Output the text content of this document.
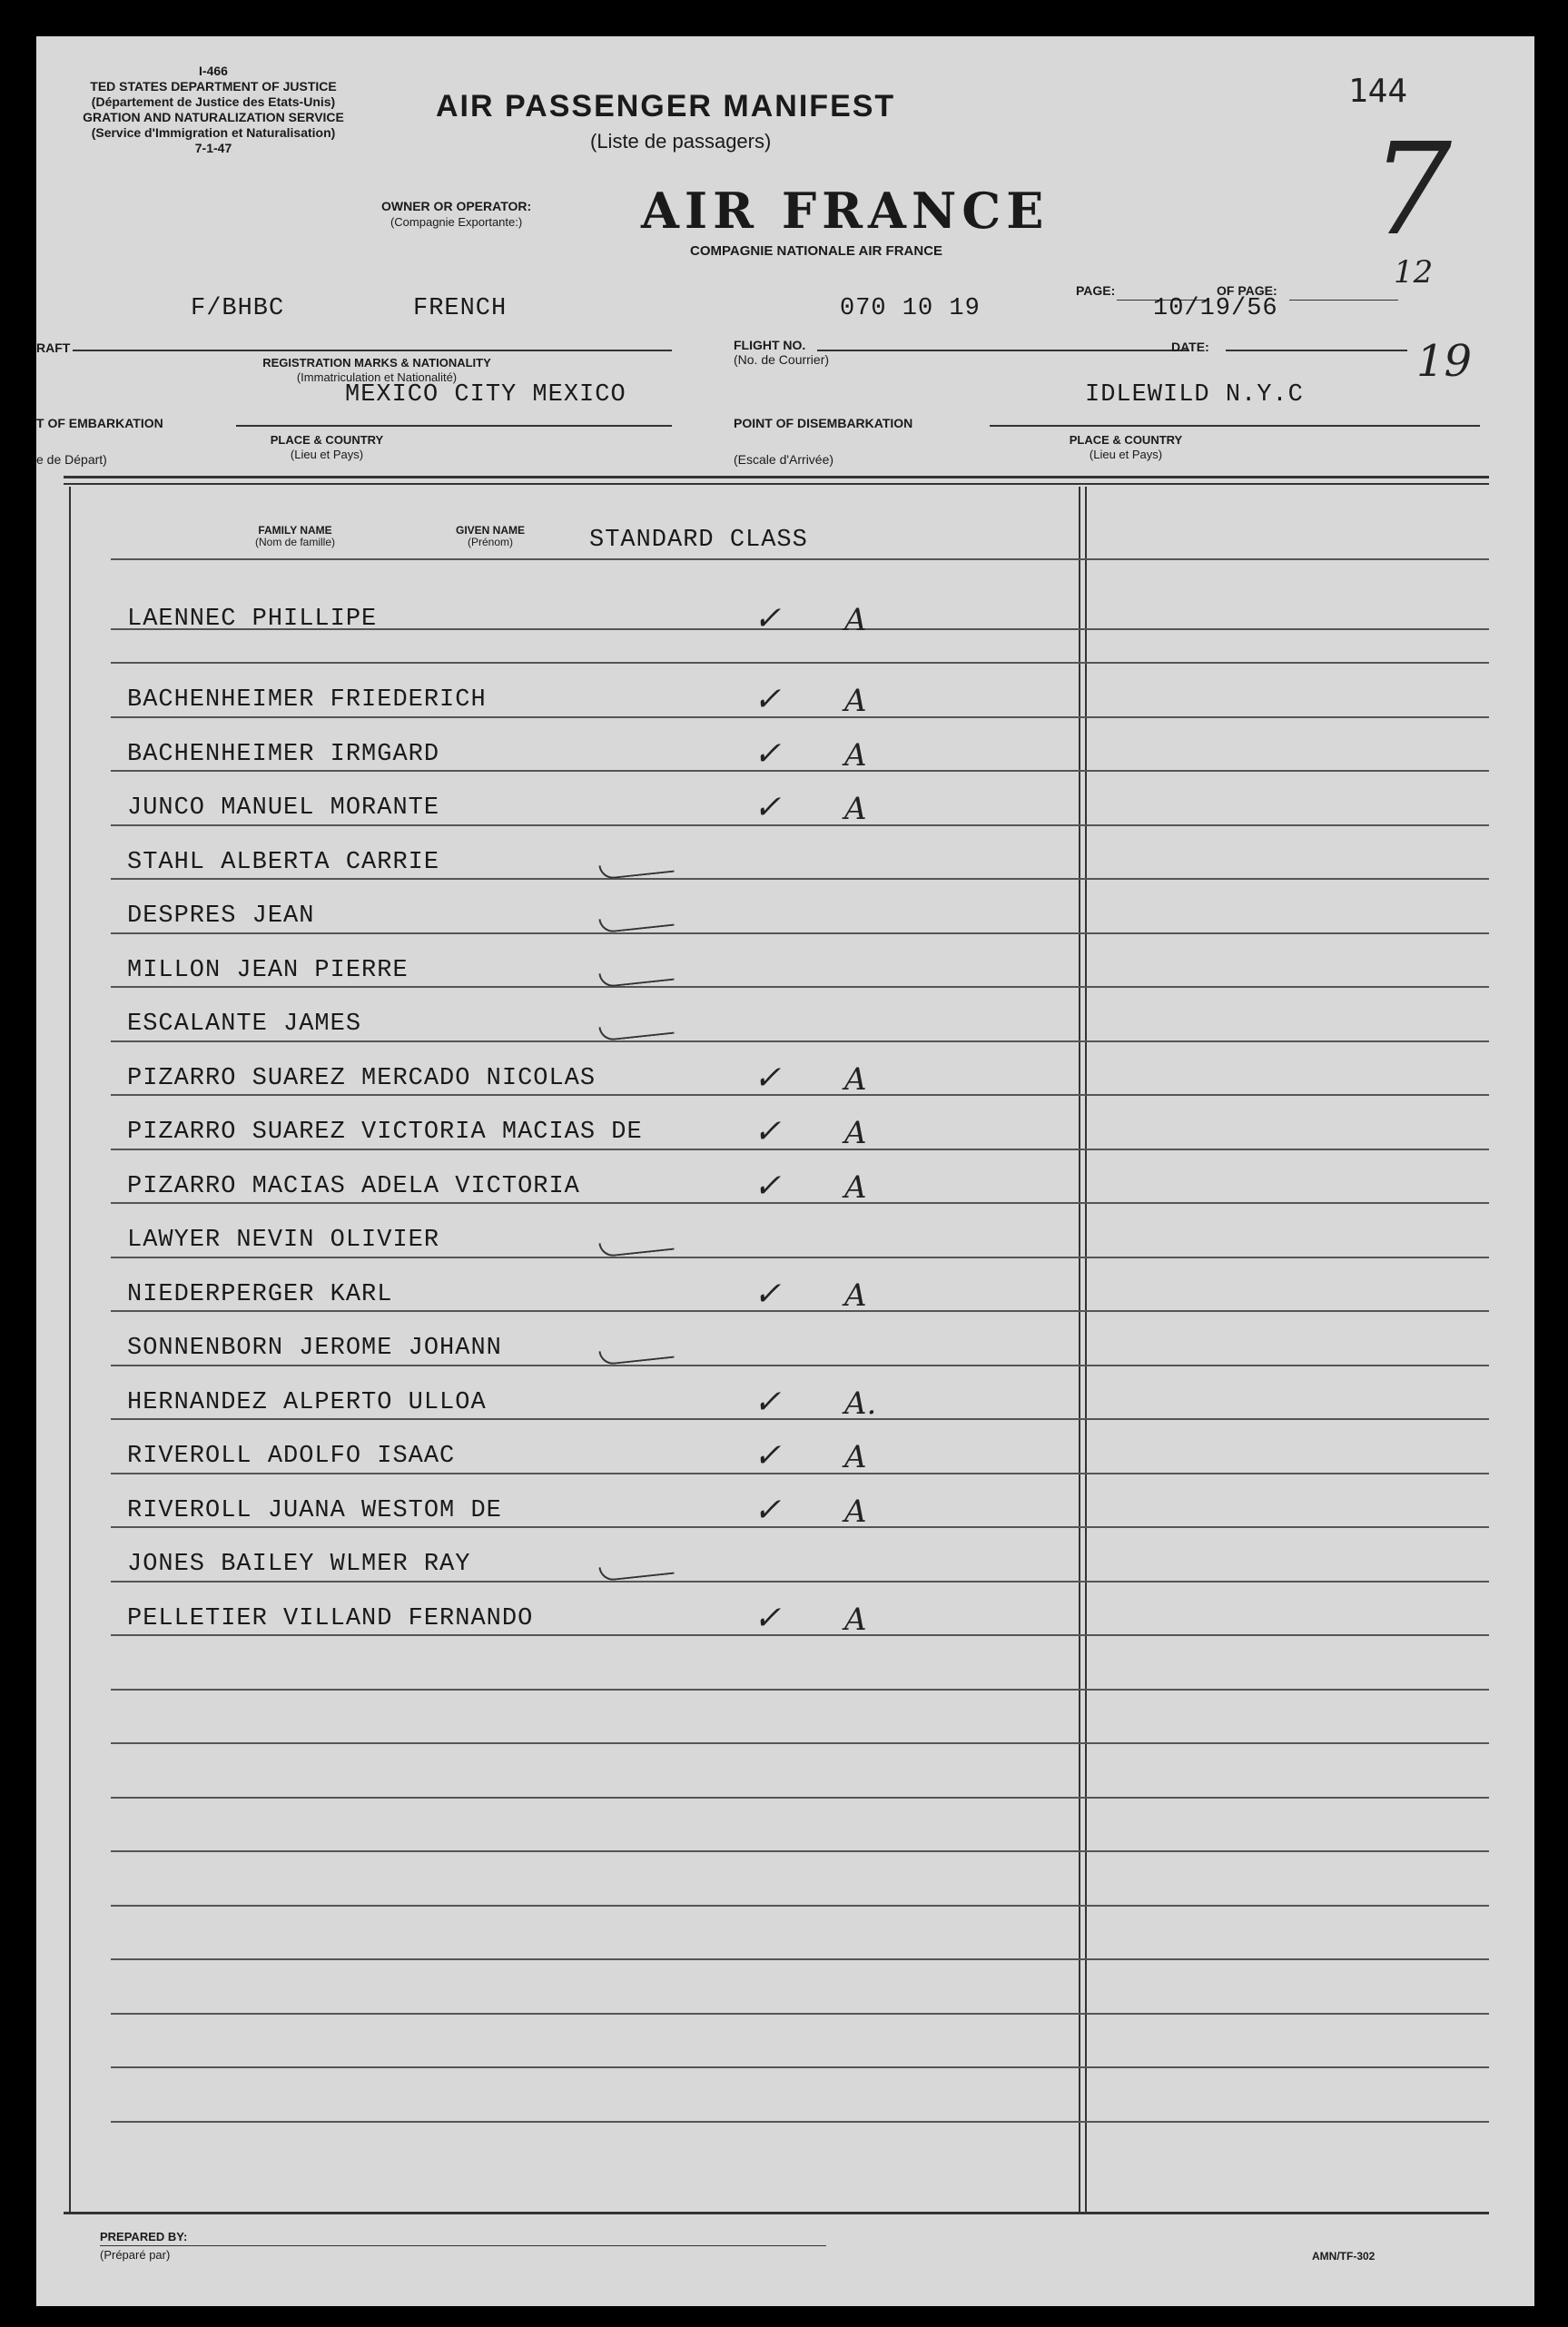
I-466
TED STATES DEPARTMENT OF JUSTICE
(Département de Justice des Etats-Unis)
GRATION AND NATURALIZATION SERVICE
(Service d'Immigration et Naturalisation)
7-1-47
AIR PASSENGER MANIFEST
(Liste de passagers)
144
7
12
19
OWNER OR OPERATOR:
(Compagnie Exportante:) AIR FRANCE
COMPAGNIE NATIONALE AIR FRANCE
PAGE:	OF PAGE:
F/BHBC	FRENCH
RAFT
REGISTRATION MARKS & NATIONALITY
(Immatriculation et Nationalité)
070 10 19
FLIGHT NO.
(No. de Courrier)
10/19/56
DATE:
MEXICO CITY MEXICO
T OF EMBARKATION
e de Départ)
PLACE & COUNTRY
(Lieu et Pays)
IDLEWILD N.Y.C
POINT OF DISEMBARKATION
(Escale d'Arrivée)
PLACE & COUNTRY
(Lieu et Pays)
FAMILY NAME
(Nom de famille)
GIVEN NAME
(Prénom)	STANDARD CLASS
LAENNEC PHILLIPE	✓ A
BACHENHEIMER FRIEDERICH	✓ A
BACHENHEIMER IRMGARD	✓ A
JUNCO MANUEL MORANTE	✓ A
STAHL ALBERTA CARRIE
DESPRES JEAN
MILLON JEAN PIERRE
ESCALANTE JAMES
PIZARRO SUAREZ MERCADO NICOLAS	✓ A
PIZARRO SUAREZ VICTORIA MACIAS DE	✓ A
PIZARRO MACIAS ADELA VICTORIA	✓ A
LAWYER NEVIN OLIVIER
NIEDERPERGER KARL	✓ A
SONNENBORN JEROME JOHANN
HERNANDEZ ALPERTO ULLOA	✓ A.
RIVEROLL ADOLFO ISAAC	✓ A
RIVEROLL JUANA WESTOM DE	✓ A
JONES BAILEY WLMER RAY
PELLETIER VILLAND FERNANDO	✓ A
PREPARED BY:
(Préparé par)	AMN/TF-302
